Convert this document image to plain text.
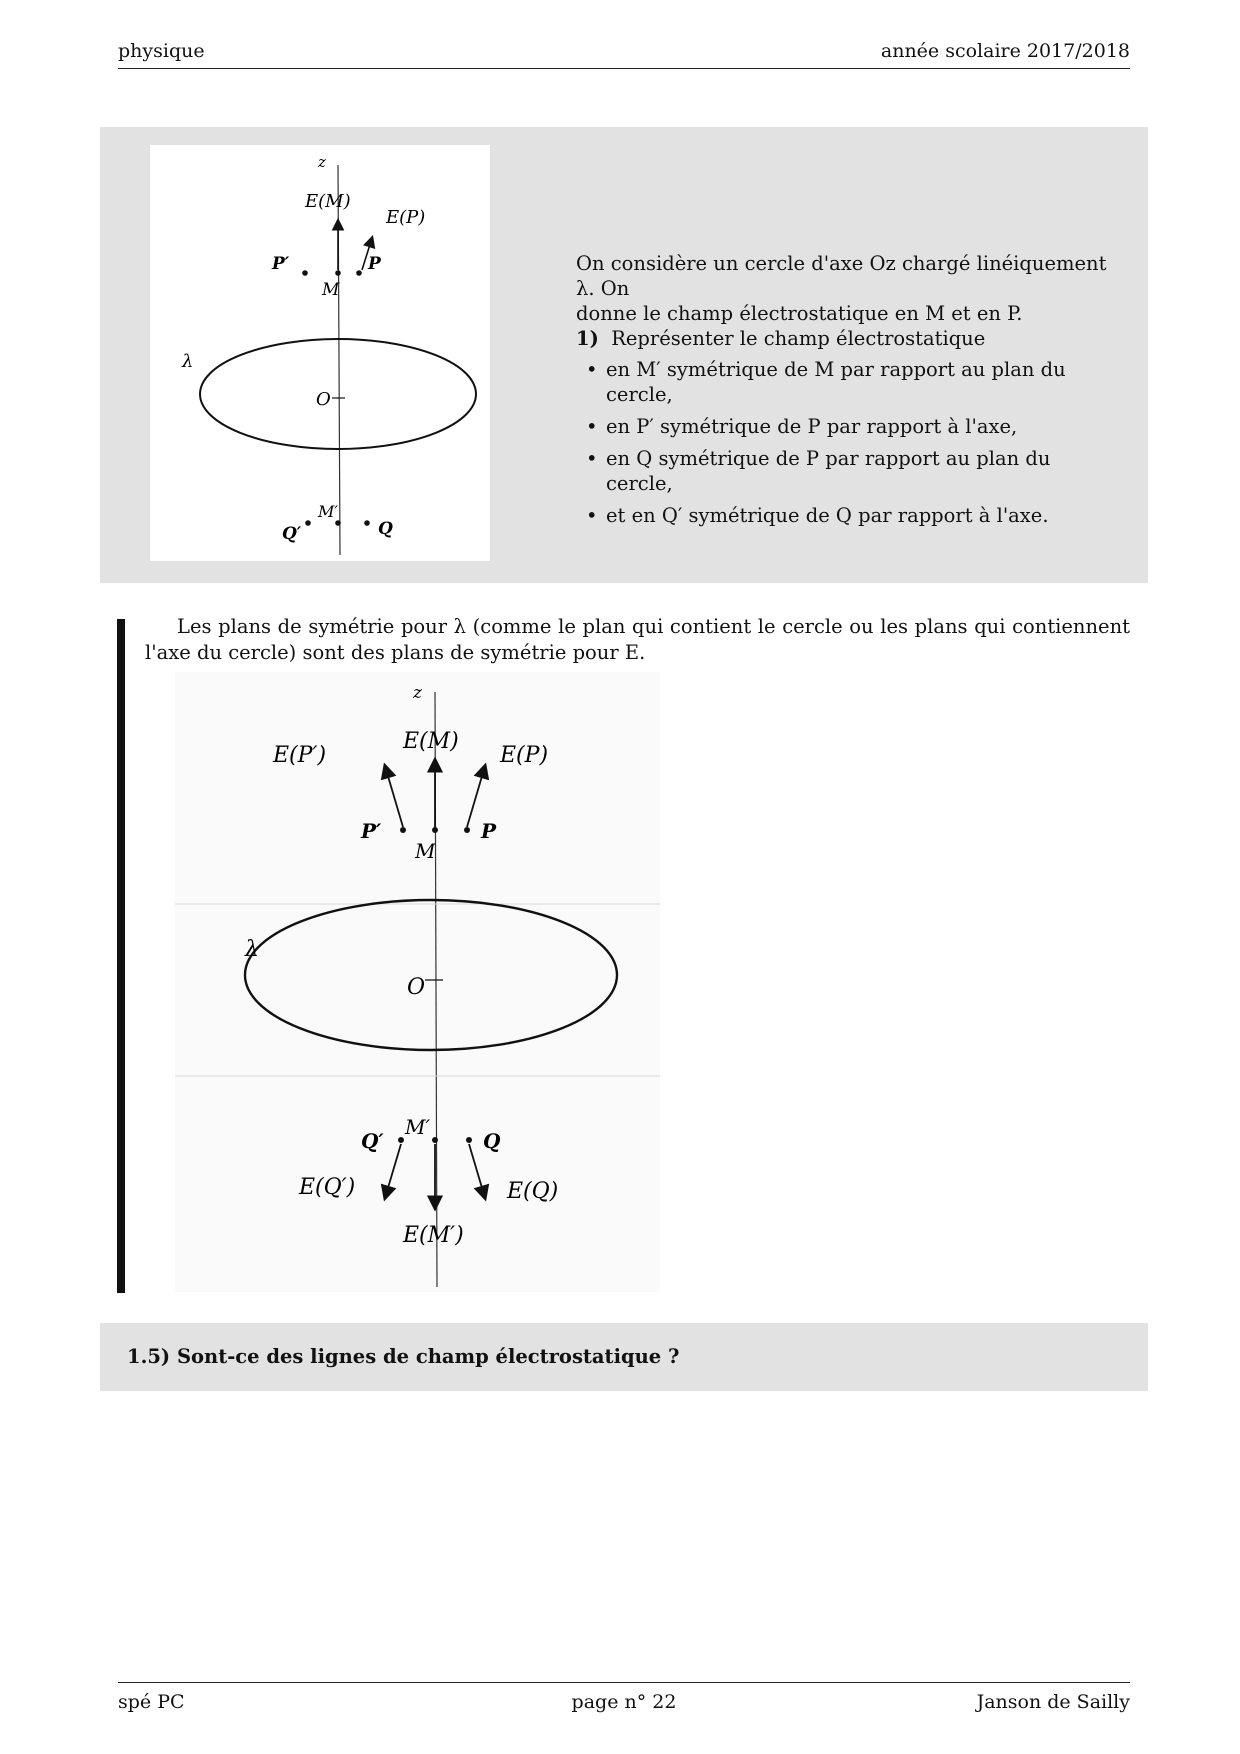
physique	année scolaire 2017/2018
z
E(M)
E(P)
P′
M
P
λ
O
Q′
M′
Q
On considère un cercle d'axe Oz chargé linéiquement λ. On
donne le champ électrostatique en M et en P.
1) Représenter le champ électrostatique
• en M′ symétrique de M par rapport au plan du cercle,
• en P′ symétrique de P par rapport à l'axe,
• en Q symétrique de P par rapport au plan du cercle,
• et en Q′ symétrique de Q par rapport à l'axe.
Les plans de symétrie pour λ (comme le plan qui contient le cercle ou les plans qui contiennent l'axe du cercle) sont des plans de symétrie pour E.
z
E(P′)
E(M)
E(P)
P′
M
P
λ
O
M′
Q′	Q
E(Q′)	E(Q)
E(M′)
1.5) Sont-ce des lignes de champ électrostatique ?
spé PC	page n° 22	Janson de Sailly
